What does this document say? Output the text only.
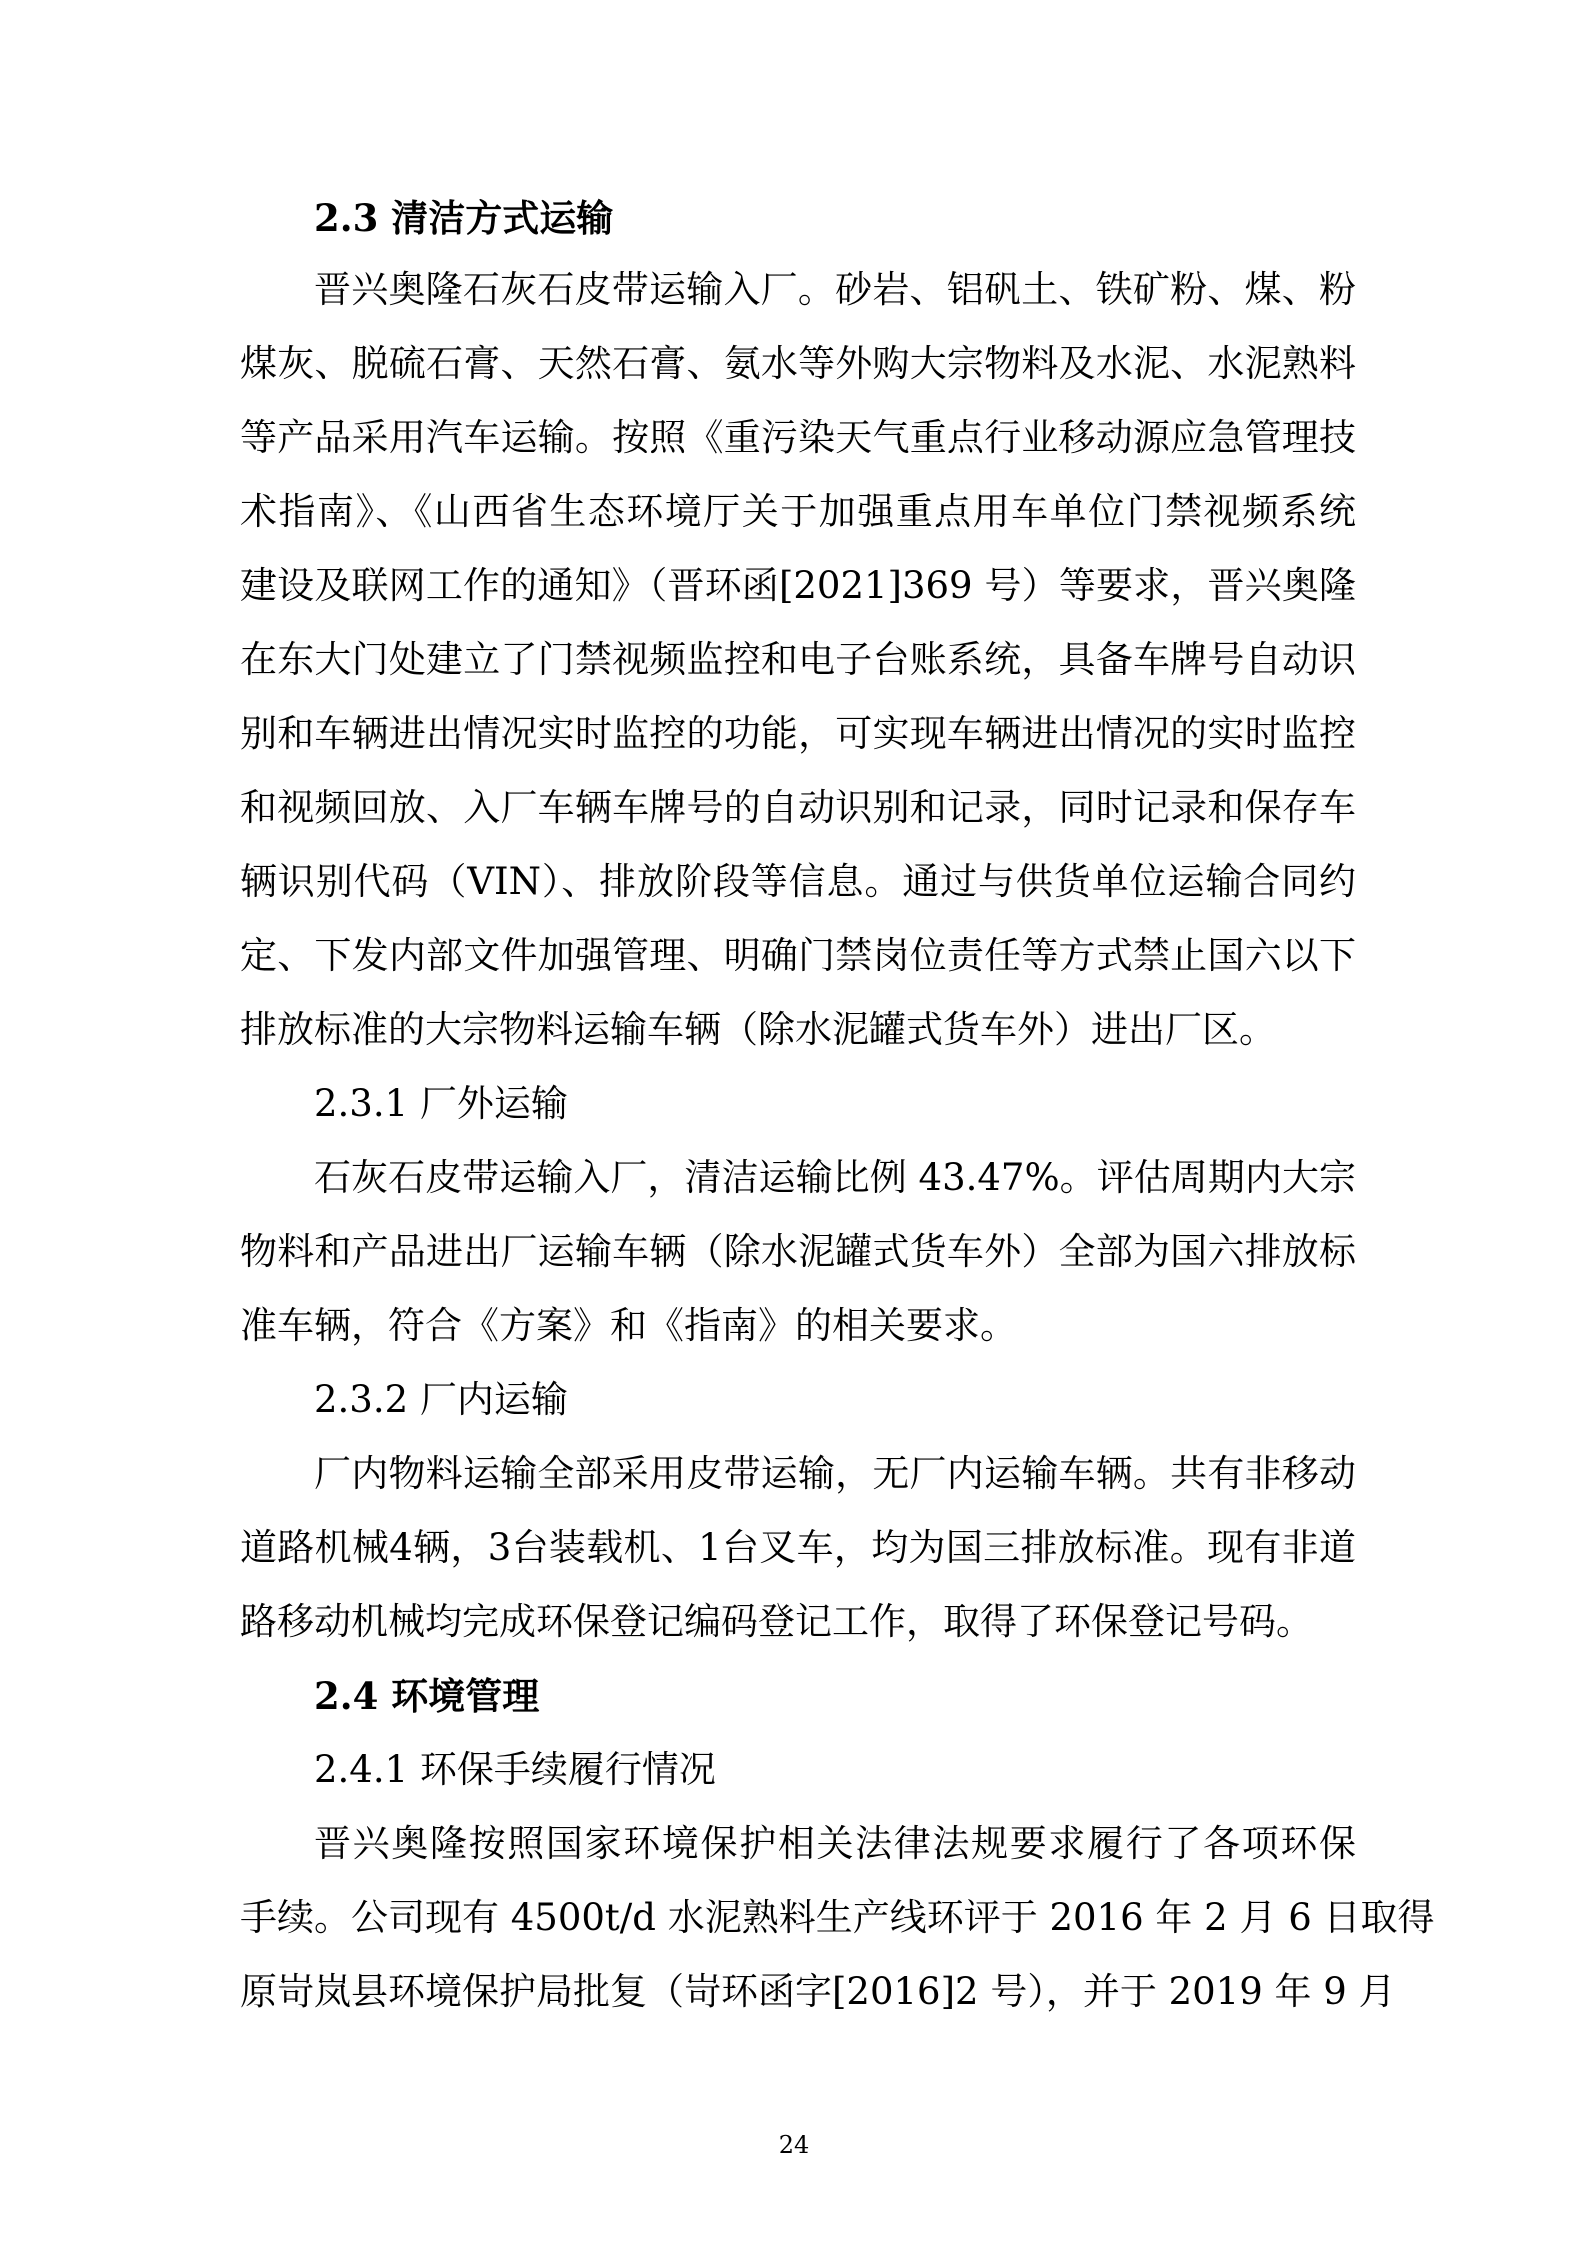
2.3 清洁方式运输
晋兴奥隆石灰石皮带运输入厂。砂岩、铝矾土、铁矿粉、煤、粉
煤灰、脱硫石膏、天然石膏、氨水等外购大宗物料及水泥、水泥熟料
等产品采用汽车运输。按照《重污染天气重点行业移动源应急管理技
术指南》、《山西省生态环境厅关于加强重点用车单位门禁视频系统
建设及联网工作的通知》（晋环函[2021]369 号）等要求，晋兴奥隆
在东大门处建立了门禁视频监控和电子台账系统，具备车牌号自动识
别和车辆进出情况实时监控的功能，可实现车辆进出情况的实时监控
和视频回放、入厂车辆车牌号的自动识别和记录，同时记录和保存车
辆识别代码（VIN）、排放阶段等信息。通过与供货单位运输合同约
定、下发内部文件加强管理、明确门禁岗位责任等方式禁止国六以下
排放标准的大宗物料运输车辆（除水泥罐式货车外）进出厂区。
2.3.1 厂外运输
石灰石皮带运输入厂，清洁运输比例 43.47%。评估周期内大宗
物料和产品进出厂运输车辆（除水泥罐式货车外）全部为国六排放标
准车辆，符合《方案》和《指南》的相关要求。
2.3.2 厂内运输
厂内物料运输全部采用皮带运输，无厂内运输车辆。共有非移动
道路机械4辆，3台装载机、1台叉车，均为国三排放标准。现有非道
路移动机械均完成环保登记编码登记工作，取得了环保登记号码。
2.4 环境管理
2.4.1 环保手续履行情况
晋兴奥隆按照国家环境保护相关法律法规要求履行了各项环保
手续。公司现有 4500t/d 水泥熟料生产线环评于 2016 年 2 月 6 日取得
原岢岚县环境保护局批复（岢环函字[2016]2 号），并于 2019 年 9 月
24
